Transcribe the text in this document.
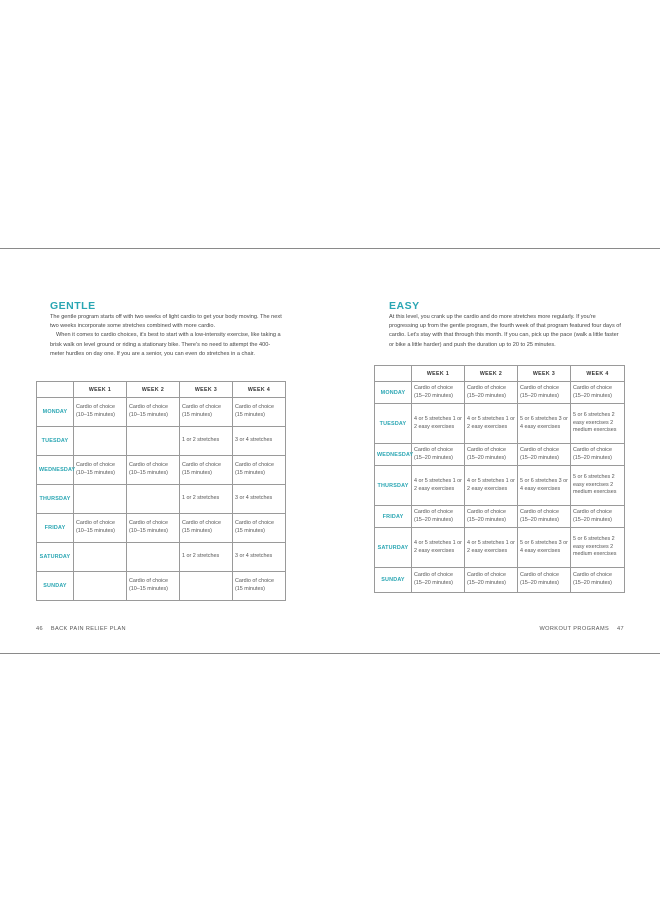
GENTLE

The gentle program starts off with two weeks of light cardio to get your body moving. The next two weeks incorporate some stretches combined with more cardio.

When it comes to cardio choices, it's best to start with a low-intensity exercise, like taking a brisk walk on level ground or riding a stationary bike. There's no need to attempt the 400-meter hurdles on day one. If you are a senior, you can even do stretches in a chair.

	WEEK 1	WEEK 2	WEEK 3	WEEK 4
MONDAY	Cardio of choice (10–15 minutes)	Cardio of choice (10–15 minutes)	Cardio of choice (15 minutes)	Cardio of choice (15 minutes)
TUESDAY			1 or 2 stretches	3 or 4 stretches
WEDNESDAY	Cardio of choice (10–15 minutes)	Cardio of choice (10–15 minutes)	Cardio of choice (15 minutes)	Cardio of choice (15 minutes)
THURSDAY			1 or 2 stretches	3 or 4 stretches
FRIDAY	Cardio of choice (10–15 minutes)	Cardio of choice (10–15 minutes)	Cardio of choice (15 minutes)	Cardio of choice (15 minutes)
SATURDAY			1 or 2 stretches	3 or 4 stretches
SUNDAY		Cardio of choice (10–15 minutes)		Cardio of choice (15 minutes)
46 BACK PAIN RELIEF PLAN
EASY

At this level, you crank up the cardio and do more stretches more regularly. If you're progressing up from the gentle program, the fourth week of that program featured four days of cardio. Let's stay with that through this month. If you can, pick up the pace (walk a little faster or bike a little harder) and push the duration up to 20 to 25 minutes.

	WEEK 1	WEEK 2	WEEK 3	WEEK 4
MONDAY	Cardio of choice (15–20 minutes)	Cardio of choice (15–20 minutes)	Cardio of choice (15–20 minutes)	Cardio of choice (15–20 minutes)
TUESDAY	4 or 5 stretches 1 or 2 easy exercises	4 or 5 stretches 1 or 2 easy exercises	5 or 6 stretches 3 or 4 easy exercises	5 or 6 stretches 2 easy exercises 2 medium exercises
WEDNESDAY	Cardio of choice (15–20 minutes)	Cardio of choice (15–20 minutes)	Cardio of choice (15–20 minutes)	Cardio of choice (15–20 minutes)
THURSDAY	4 or 5 stretches 1 or 2 easy exercises	4 or 5 stretches 1 or 2 easy exercises	5 or 6 stretches 3 or 4 easy exercises	5 or 6 stretches 2 easy exercises 2 medium exercises
FRIDAY	Cardio of choice (15–20 minutes)	Cardio of choice (15–20 minutes)	Cardio of choice (15–20 minutes)	Cardio of choice (15–20 minutes)
SATURDAY	4 or 5 stretches 1 or 2 easy exercises	4 or 5 stretches 1 or 2 easy exercises	5 or 6 stretches 3 or 4 easy exercises	5 or 6 stretches 2 easy exercises 2 medium exercises
SUNDAY	Cardio of choice (15–20 minutes)	Cardio of choice (15–20 minutes)	Cardio of choice (15–20 minutes)	Cardio of choice (15–20 minutes)
WORKOUT PROGRAMS 47
